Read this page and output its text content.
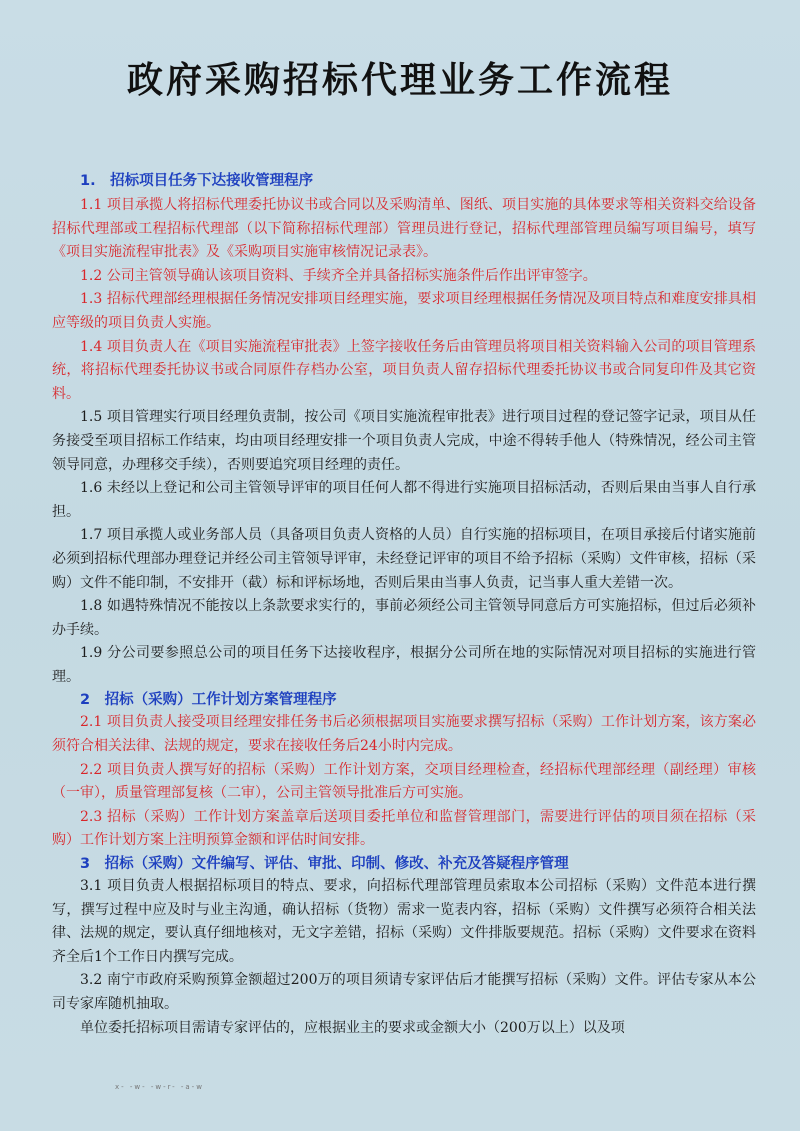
政府采购招标代理业务工作流程

1.　招标项目任务下达接收管理程序

1.1 项目承揽人将招标代理委托协议书或合同以及采购清单、图纸、项目实施的具体要求等相关资料交给设备招标代理部或工程招标代理部（以下简称招标代理部）管理员进行登记，招标代理部管理员编写项目编号，填写《项目实施流程审批表》及《采购项目实施审核情况记录表》。

1.2 公司主管领导确认该项目资料、手续齐全并具备招标实施条件后作出评审签字。

1.3 招标代理部经理根据任务情况安排项目经理实施，要求项目经理根据任务情况及项目特点和难度安排具相应等级的项目负责人实施。

1.4 项目负责人在《项目实施流程审批表》上签字接收任务后由管理员将项目相关资料输入公司的项目管理系统，将招标代理委托协议书或合同原件存档办公室，项目负责人留存招标代理委托协议书或合同复印件及其它资料。

1.5 项目管理实行项目经理负责制，按公司《项目实施流程审批表》进行项目过程的登记签字记录，项目从任务接受至项目招标工作结束，均由项目经理安排一个项目负责人完成，中途不得转手他人（特殊情况，经公司主管领导同意，办理移交手续），否则要追究项目经理的责任。

1.6 未经以上登记和公司主管领导评审的项目任何人都不得进行实施项目招标活动，否则后果由当事人自行承担。

1.7 项目承揽人或业务部人员（具备项目负责人资格的人员）自行实施的招标项目，在项目承接后付诸实施前必须到招标代理部办理登记并经公司主管领导评审，未经登记评审的项目不给予招标（采购）文件审核，招标（采购）文件不能印制，不安排开（截）标和评标场地，否则后果由当事人负责，记当事人重大差错一次。

1.8 如遇特殊情况不能按以上条款要求实行的，事前必须经公司主管领导同意后方可实施招标，但过后必须补办手续。

1.9 分公司要参照总公司的项目任务下达接收程序，根据分公司所在地的实际情况对项目招标的实施进行管理。

2　招标（采购）工作计划方案管理程序

2.1 项目负责人接受项目经理安排任务书后必须根据项目实施要求撰写招标（采购）工作计划方案，该方案必须符合相关法律、法规的规定，要求在接收任务后24小时内完成。

2.2 项目负责人撰写好的招标（采购）工作计划方案，交项目经理检查，经招标代理部经理（副经理）审核（一审），质量管理部复核（二审），公司主管领导批准后方可实施。

2.3 招标（采购）工作计划方案盖章后送项目委托单位和监督管理部门，需要进行评估的项目须在招标（采购）工作计划方案上注明预算金额和评估时间安排。

3　招标（采购）文件编写、评估、审批、印制、修改、补充及答疑程序管理

3.1 项目负责人根据招标项目的特点、要求，向招标代理部管理员索取本公司招标（采购）文件范本进行撰写，撰写过程中应及时与业主沟通，确认招标（货物）需求一览表内容，招标（采购）文件撰写必须符合相关法律、法规的规定，要认真仔细地核对，无文字差错，招标（采购）文件排版要规范。招标（采购）文件要求在资料齐全后1个工作日内撰写完成。

3.2 南宁市政府采购预算金额超过200万的项目须请专家评估后才能撰写招标（采购）文件。评估专家从本公司专家库随机抽取。

单位委托招标项目需请专家评估的，应根据业主的要求或金额大小（200万以上）以及项

x- -w- -w-r- -a-w
